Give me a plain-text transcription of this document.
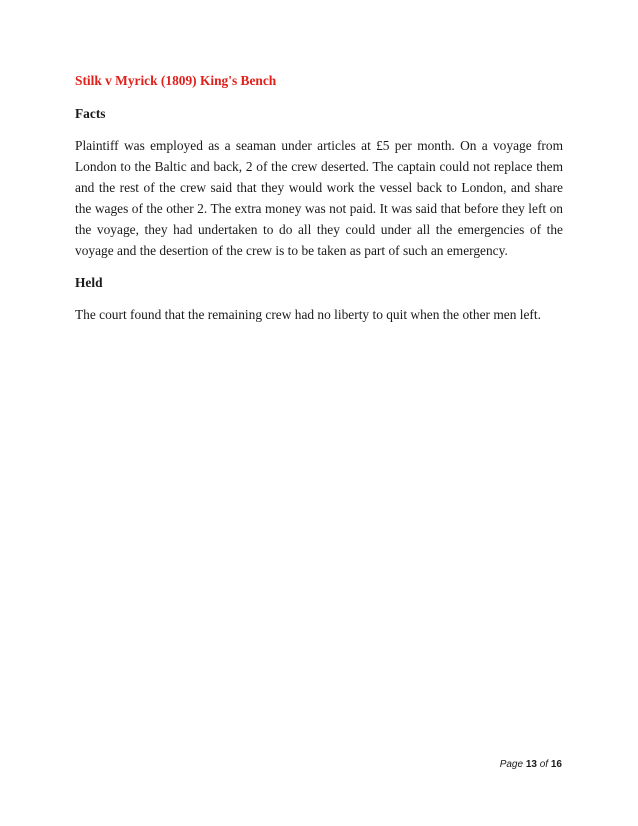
Stilk v Myrick (1809) King's Bench

Facts

Plaintiff was employed as a seaman under articles at £5 per month. On a voyage from London to the Baltic and back, 2 of the crew deserted. The captain could not replace them and the rest of the crew said that they would work the vessel back to London, and share the wages of the other 2. The extra money was not paid. It was said that before they left on the voyage, they had undertaken to do all they could under all the emergencies of the voyage and the desertion of the crew is to be taken as part of such an emergency.

Held

The court found that the remaining crew had no liberty to quit when the other men left.

Page 13 of 16
